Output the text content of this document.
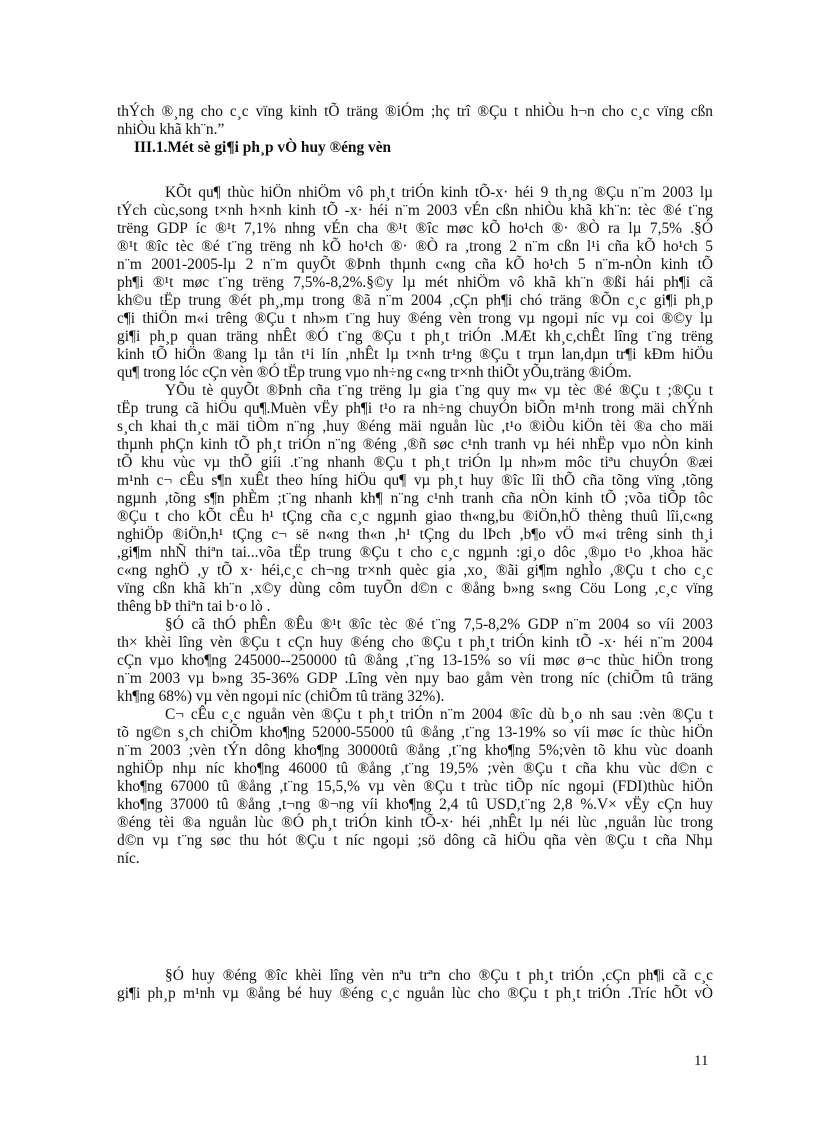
thÝch ®¸ng cho c¸c vïng kinh tÕ träng ®iÓm ;hç trî ®Çu t nhiÒu h¬n cho c¸c vïng cßn
nhiÒu khã kh¨n.”
III.1.Mét sè gi¶i ph¸p vÒ huy ®éng vèn
KÕt qu¶ thùc hiÖn nhiÖm vô ph¸t triÓn kinh tÕ-x· héi 9 th¸ng ®Çu n¨m 2003 lµ
tÝch cùc,song t×nh h×nh kinh tÕ -x· héi n¨m 2003 vÉn cßn nhiÒu khã kh¨n: tèc ®é t¨ng
trëng GDP íc ®¹t 7,1% nhng vÉn cha ®¹t ®îc møc kÕ ho¹ch ®· ®Ò ra lµ 7,5% .§Ó
®¹t ®îc tèc ®é t¨ng trëng nh kÕ ho¹ch ®· ®Ò ra ,trong 2 n¨m cßn l¹i cña kÕ ho¹ch 5
n¨m 2001-2005-lµ 2 n¨m quyÕt ®Þnh thµnh c«ng cña kÕ ho¹ch 5 n¨m-nÒn kinh tÕ
ph¶i ®¹t møc t¨ng trëng 7,5%-8,2%.§©y lµ mét nhiÖm vô khã kh¨n ®ßi hái ph¶i cã
kh©u tËp trung ®ét ph¸,mµ trong ®ã n¨m 2004 ,cÇn ph¶i chó träng ®Õn c¸c gi¶i ph¸p
c¶i thiÖn m«i trêng ®Çu t nh»m t¨ng huy ®éng vèn trong vµ ngoµi níc vµ coi ®©y lµ
gi¶i ph¸p quan träng nhÊt ®Ó t¨ng ®Çu t ph¸t triÓn .MÆt kh¸c,chÊt lîng t¨ng trëng
kinh tÕ hiÖn ®ang lµ tån t¹i lín ,nhÊt lµ t×nh tr¹ng ®Çu t trµn lan,dµn tr¶i kÐm hiÖu
qu¶ trong lóc cÇn vèn ®Ó tËp trung vµo nh÷ng c«ng tr×nh thiÕt yÕu,träng ®iÓm.
YÕu tè quyÕt ®Þnh cña t¨ng trëng lµ gia t¨ng quy m« vµ tèc ®é ®Çu t ;®Çu t
tËp trung cã hiÖu qu¶.Muèn vËy ph¶i t¹o ra nh÷ng chuyÓn biÕn m¹nh trong mäi chÝnh
s¸ch khai th¸c mäi tiÒm n¨ng ,huy ®éng mäi nguån lùc ,t¹o ®iÒu kiÖn tèi ®a cho mäi
thµnh phÇn kinh tÕ ph¸t triÓn n¨ng ®éng ,®ñ søc c¹nh tranh vµ héi nhËp vµo nÒn kinh
tÕ khu vùc vµ thÕ giíi .t¨ng nhanh ®Çu t ph¸t triÓn lµ nh»m môc tiªu chuyÓn ®æi
m¹nh c¬ cÊu s¶n xuÊt theo híng hiÖu qu¶ vµ ph¸t huy ®îc lîi thÕ cña tõng vïng ,tõng
ngµnh ,tõng s¶n phÈm ;t¨ng nhanh kh¶ n¨ng c¹nh tranh cña nÒn kinh tÕ ;võa tiÕp tôc
®Çu t cho kÕt cÊu h¹ tÇng cña c¸c ngµnh giao th«ng,bu ®iÖn,hÖ thèng thuû lîi,c«ng
nghiÖp ®iÖn,h¹ tÇng c¬ së n«ng th«n ,h¹ tÇng du lÞch ,b¶o vÖ m«i trêng sinh th¸i
,gi¶m nhÑ thiªn tai...võa tËp trung ®Çu t cho c¸c ngµnh :gi¸o dôc ,®µo t¹o ,khoa häc
c«ng nghÖ ,y tÕ x· héi,c¸c ch¬ng tr×nh quèc gia ,xo¸ ®ãi gi¶m nghÌo ,®Çu t cho c¸c
vïng cßn khã kh¨n ,x©y dùng côm tuyÕn d©n c ®ång b»ng s«ng Cöu Long ,c¸c vïng
thêng bÞ thiªn tai b·o lò .
§Ó cã thÓ phÊn ®Êu ®¹t ®îc tèc ®é t¨ng 7,5-8,2% GDP n¨m 2004 so víi 2003
th× khèi lîng vèn ®Çu t cÇn huy ®éng cho ®Çu t ph¸t triÓn kinh tÕ -x· héi n¨m 2004
cÇn vµo kho¶ng 245000--250000 tû ®ång ,t¨ng 13-15% so víi møc ø¬c thùc hiÖn trong
n¨m 2003 vµ b»ng 35-36% GDP .Lîng vèn nµy bao gåm vèn trong níc (chiÕm tû träng
kh¶ng 68%) vµ vèn ngoµi níc (chiÕm tû träng 32%).
C¬ cÊu c¸c nguån vèn ®Çu t ph¸t triÓn n¨m 2004 ®îc dù b¸o nh sau :vèn ®Çu t
tõ ng©n s¸ch chiÕm kho¶ng 52000-55000 tû ®ång ,t¨ng 13-19% so víi møc íc thùc hiÖn
n¨m 2003 ;vèn tÝn dông kho¶ng 30000tû ®ång ,t¨ng kho¶ng 5%;vèn tõ khu vùc doanh
nghiÖp nhµ níc kho¶ng 46000 tû ®ång ,t¨ng 19,5% ;vèn ®Çu t cña khu vùc d©n c
kho¶ng 67000 tû ®ång ,t¨ng 15,5,% vµ vèn ®Çu t trùc tiÕp níc ngoµi (FDI)thùc hiÖn
kho¶ng 37000 tû ®ång ,t¬ng ®¬ng víi kho¶ng 2,4 tû USD,t¨ng 2,8 %.V× vËy cÇn huy
®éng tèi ®a nguån lùc ®Ó ph¸t triÓn kinh tÕ-x· héi ,nhÊt lµ néi lùc ,nguån lùc trong
d©n vµ t¨ng søc thu hót ®Çu t níc ngoµi ;sö dông cã hiÖu qña vèn ®Çu t cña Nhµ
níc.
§Ó huy ®éng ®îc khèi lîng vèn nªu trªn cho ®Çu t ph¸t triÓn ,cÇn ph¶i cã c¸c
gi¶i ph¸p m¹nh vµ ®ång bé huy ®éng c¸c nguån lùc cho ®Çu t ph¸t triÓn .Tríc hÕt vÒ
11
